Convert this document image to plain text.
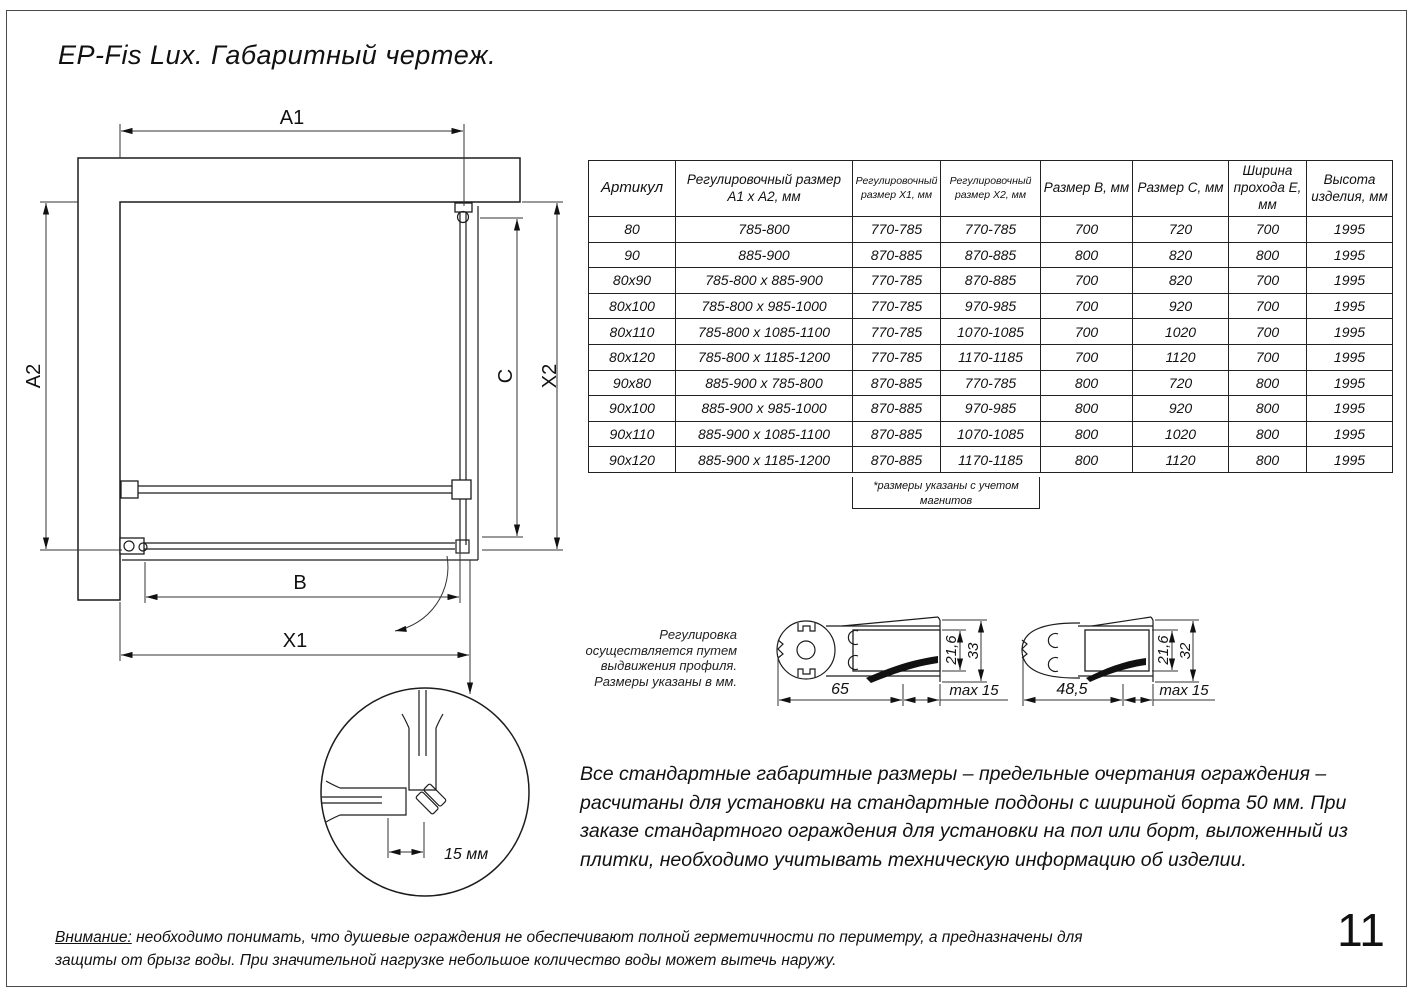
EP-Fis Lux. Габаритный чертеж.
A1
A2	X2
C
B
X1
15 мм
65	max 15
21,6 33
48,5	max 15
21,6 32
Артикул	Регулировочный размер А1 х А2, мм	Регулировочный размер Х1, мм	Регулировочный размер Х2, мм	Размер В, мм	Размер С, мм	Ширина прохода Е, мм	Высота изделия, мм
80	785-800	770-785	770-785	700	720	700	1995
90	885-900	870-885	870-885	800	820	800	1995
80x90	785-800 x 885-900	770-785	870-885	700	820	700	1995
80x100	785-800 x 985-1000	770-785	970-985	700	920	700	1995
80x110	785-800 x 1085-1100	770-785	1070-1085	700	1020	700	1995
80x120	785-800 x 1185-1200	770-785	1170-1185	700	1120	700	1995
90x80	885-900 x 785-800	870-885	770-785	800	720	800	1995
90x100	885-900 x 985-1000	870-885	970-985	800	920	800	1995
90x110	885-900 x 1085-1100	870-885	1070-1085	800	1020	800	1995
90x120	885-900 x 1185-1200	870-885	1170-1185	800	1120	800	1995
*размеры указаны с учетом магнитов
Регулировка осуществляется путем выдвижения профиля. Размеры указаны в мм.
Все стандартные габаритные размеры – предельные очертания ограждения – расчитаны для установки на стандартные поддоны с шириной борта 50 мм. При заказе стандартного ограждения для установки на пол или борт, выложенный из плитки, необходимо учитывать техническую информацию об изделии.
Внимание: необходимо понимать, что душевые ограждения не обеспечивают полной герметичности по периметру, а предназначены для защиты от брызг воды. При значительной нагрузке небольшое количество воды может вытечь наружу.
11
